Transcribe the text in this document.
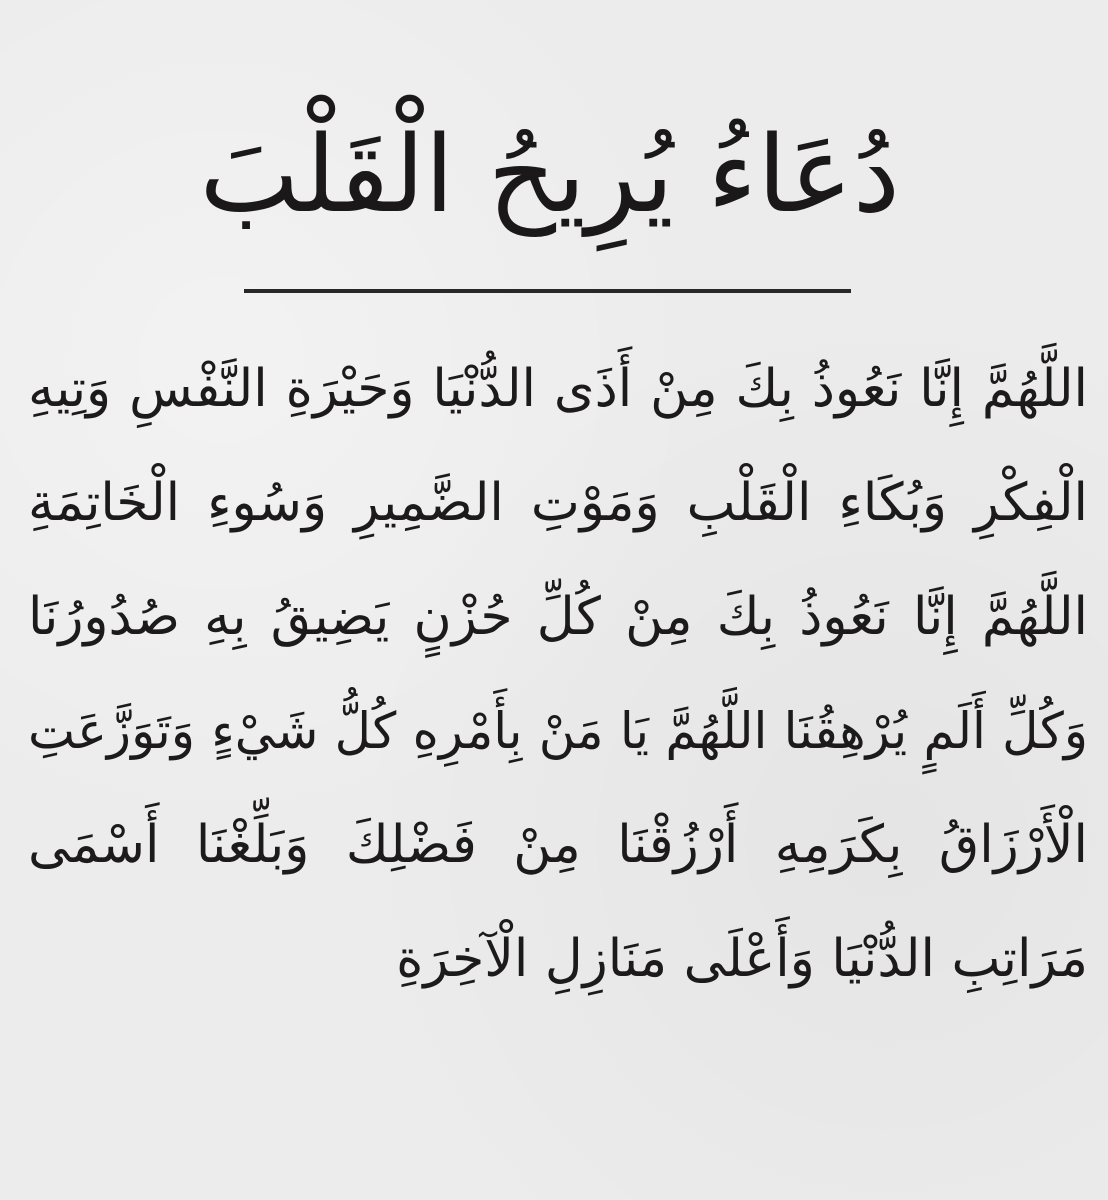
دُعَاءُ يُرِيحُ الْقَلْبَ
اللَّهُمَّ إِنَّا نَعُوذُ بِكَ مِنْ أَذَى الدُّنْيَا وَحَيْرَةِ النَّفْسِ وَتِيهِ
الْفِكْرِ وَبُكَاءِ الْقَلْبِ وَمَوْتِ الضَّمِيرِ وَسُوءِ الْخَاتِمَةِ
اللَّهُمَّ إِنَّا نَعُوذُ بِكَ مِنْ كُلِّ حُزْنٍ يَضِيقُ بِهِ صُدُورُنَا
وَكُلِّ أَلَمٍ يُرْهِقُنَا اللَّهُمَّ يَا مَنْ بِأَمْرِهِ كُلُّ شَيْءٍ وَتَوَزَّعَتِ
الْأَرْزَاقُ بِكَرَمِهِ أَرْزُقْنَا مِنْ فَضْلِكَ وَبَلِّغْنَا أَسْمَى
مَرَاتِبِ الدُّنْيَا وَأَعْلَى مَنَازِلِ الْآخِرَةِ
